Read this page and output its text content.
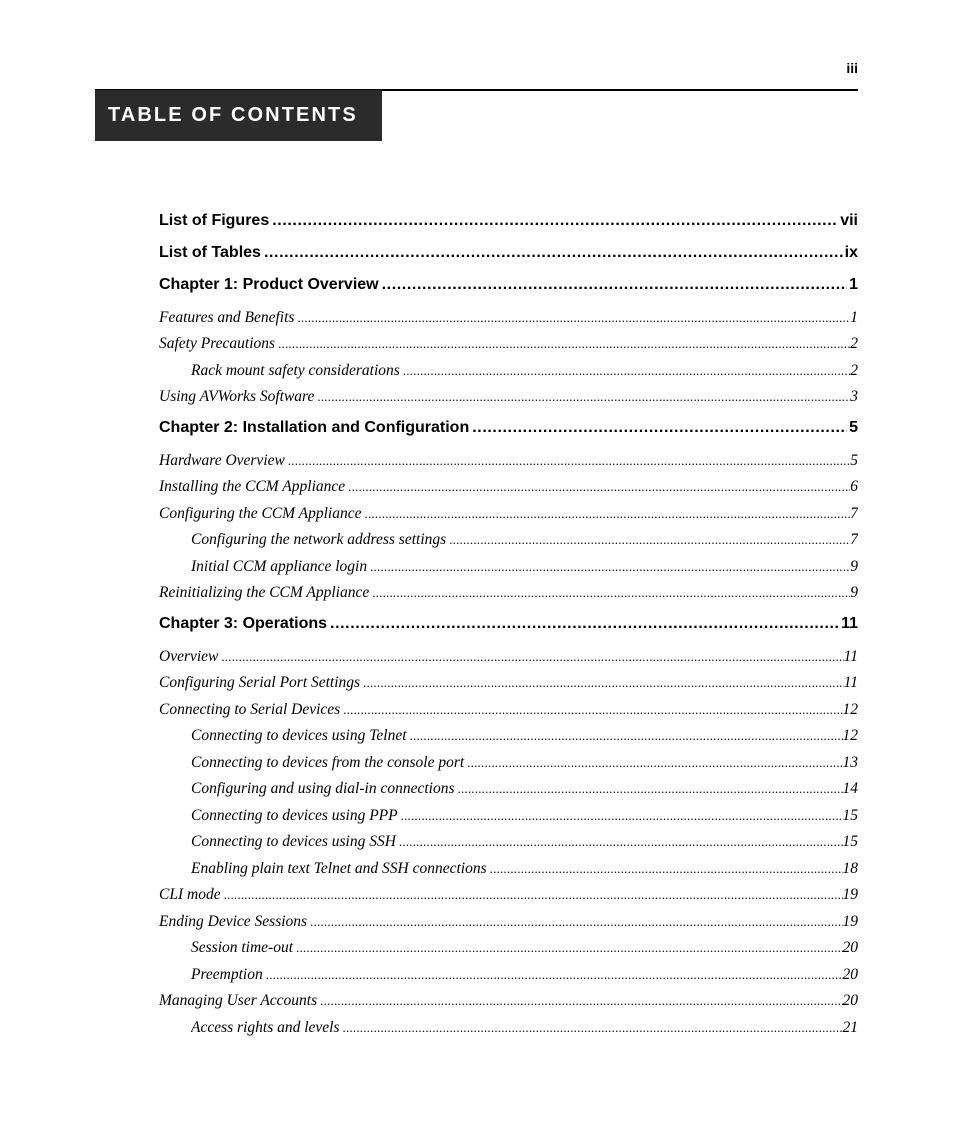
iii
TABLE OF CONTENTS
List of Figures .....	vii
List of Tables .....	ix
Chapter 1: Product Overview .....	1
Features and Benefits .....	1
Safety Precautions .....	2
Rack mount safety considerations .....	2
Using AVWorks Software .....	3
Chapter 2: Installation and Configuration .....	5
Hardware Overview .....	5
Installing the CCM Appliance .....	6
Configuring the CCM Appliance .....	7
Configuring the network address settings .....	7
Initial CCM appliance login .....	9
Reinitializing the CCM Appliance .....	9
Chapter 3: Operations .....	11
Overview .....	11
Configuring Serial Port Settings .....	11
Connecting to Serial Devices .....	12
Connecting to devices using Telnet .....	12
Connecting to devices from the console port .....	13
Configuring and using dial-in connections .....	14
Connecting to devices using PPP .....	15
Connecting to devices using SSH .....	15
Enabling plain text Telnet and SSH connections .....	18
CLI mode .....	19
Ending Device Sessions .....	19
Session time-out .....	20
Preemption .....	20
Managing User Accounts .....	20
Access rights and levels .....	21
